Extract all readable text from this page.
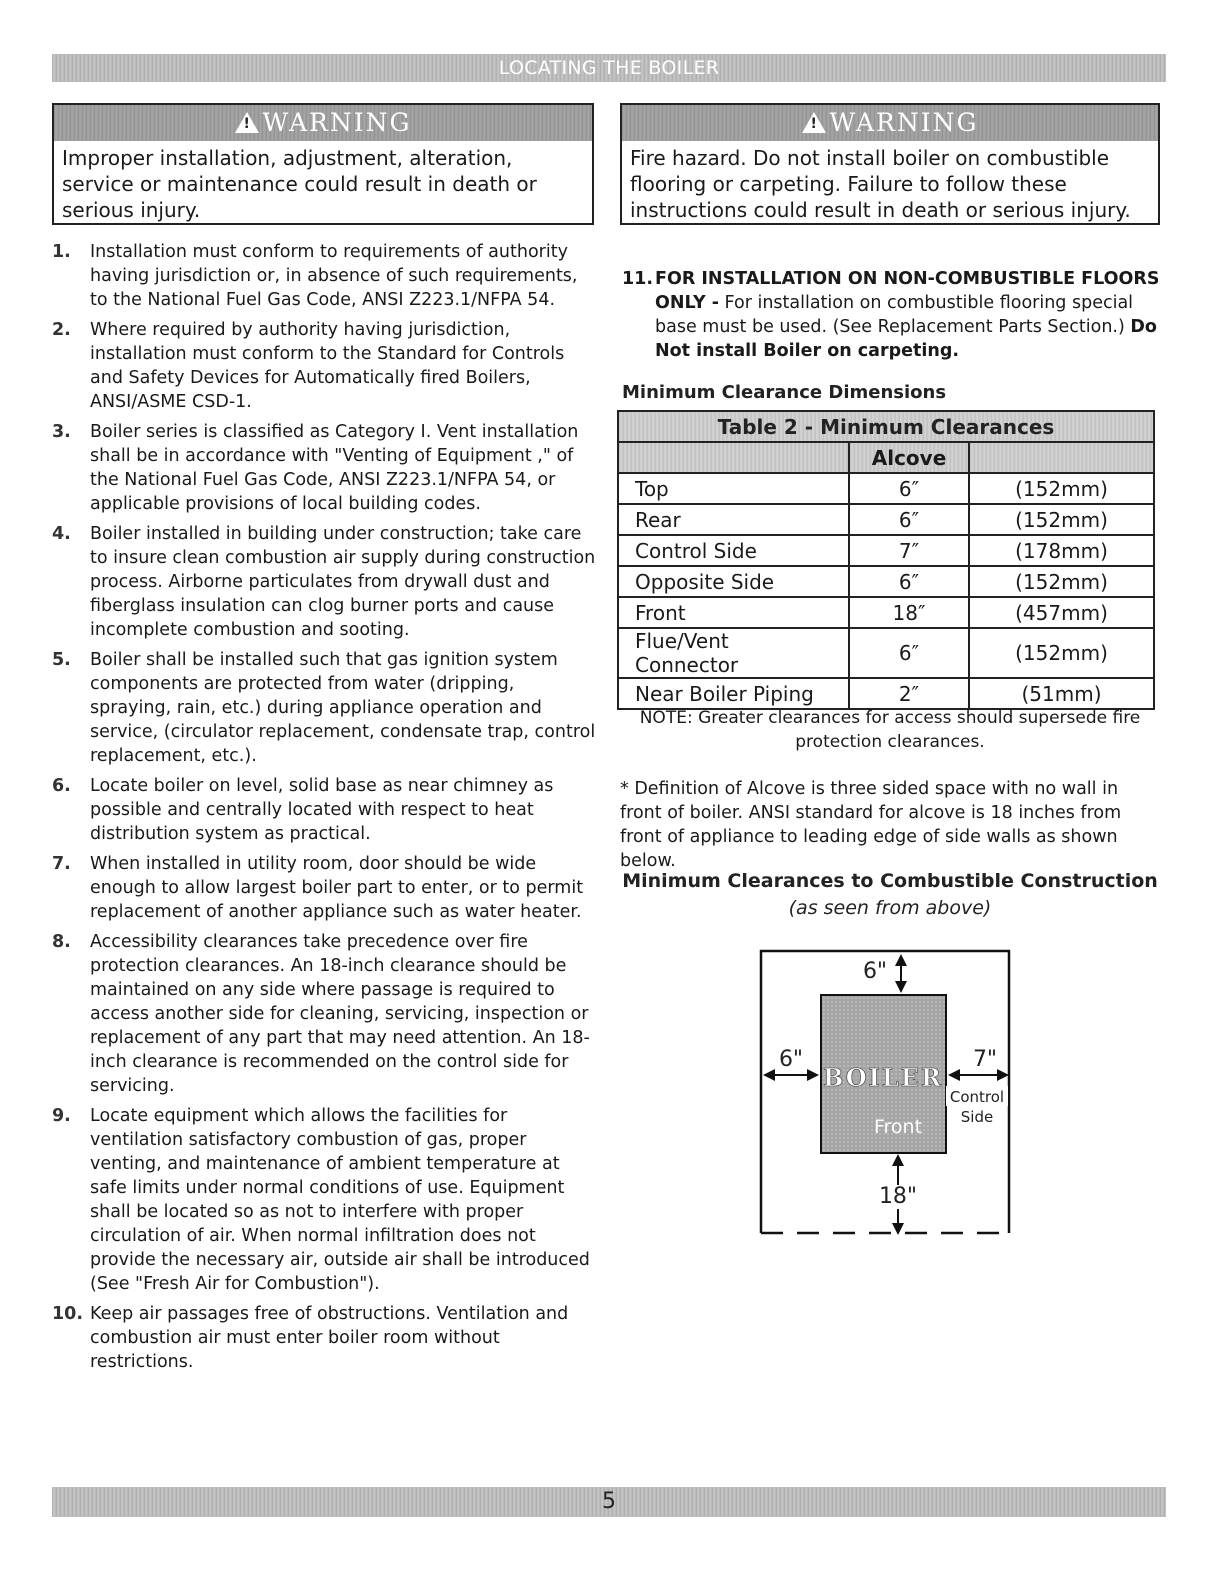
LOCATING THE BOILER
! WARNING
Improper installation, adjustment, alteration, service or maintenance could result in death or serious injury.
! WARNING
Fire hazard. Do not install boiler on combustible flooring or carpeting. Failure to follow these instructions could result in death or serious injury.
1. Installation must conform to requirements of authority having jurisdiction or, in absence of such requirements, to the National Fuel Gas Code, ANSI Z223.1/NFPA 54.
2. Where required by authority having jurisdiction, installation must conform to the Standard for Controls and Safety Devices for Automatically fired Boilers, ANSI/ASME CSD-1.
3. Boiler series is classified as Category I. Vent installation shall be in accordance with "Venting of Equipment ," of the National Fuel Gas Code, ANSI Z223.1/NFPA 54, or applicable provisions of local building codes.
4. Boiler installed in building under construction; take care to insure clean combustion air supply during construction process. Airborne particulates from drywall dust and fiberglass insulation can clog burner ports and cause incomplete combustion and sooting.
5. Boiler shall be installed such that gas ignition system components are protected from water (dripping, spraying, rain, etc.) during appliance operation and service, (circulator replacement, condensate trap, control replacement, etc.).
6. Locate boiler on level, solid base as near chimney as possible and centrally located with respect to heat distribution system as practical.
7. When installed in utility room, door should be wide enough to allow largest boiler part to enter, or to permit replacement of another appliance such as water heater.
8. Accessibility clearances take precedence over fire protection clearances. An 18-inch clearance should be maintained on any side where passage is required to access another side for cleaning, servicing, inspection or replacement of any part that may need attention. An 18-inch clearance is recommended on the control side for servicing.
9. Locate equipment which allows the facilities for ventilation satisfactory combustion of gas, proper venting, and maintenance of ambient temperature at safe limits under normal conditions of use. Equipment shall be located so as not to interfere with proper circulation of air. When normal infiltration does not provide the necessary air, outside air shall be introduced (See "Fresh Air for Combustion").
10. Keep air passages free of obstructions. Ventilation and combustion air must enter boiler room without restrictions.
11. FOR INSTALLATION ON NON-COMBUSTIBLE FLOORS ONLY - For installation on combustible flooring special base must be used. (See Replacement Parts Section.) Do Not install Boiler on carpeting.
Minimum Clearance Dimensions
Table 2 - Minimum Clearances		
	Alcove	
Top	6″	(152mm)
Rear	6″	(152mm)
Control Side	7″	(178mm)
Opposite Side	6″	(152mm)
Front	18″	(457mm)
Flue/Vent Connector	6″	(152mm)
Near Boiler Piping	2″	(51mm)
NOTE: Greater clearances for access should supersede fire protection clearances.
* Definition of Alcove is three sided space with no wall in front of boiler. ANSI standard for alcove is 18 inches from front of appliance to leading edge of side walls as shown below.
Minimum Clearances to Combustible Construction (as seen from above)
BOILER
Front
6"
6"	7"
Control
Side
18"
5
